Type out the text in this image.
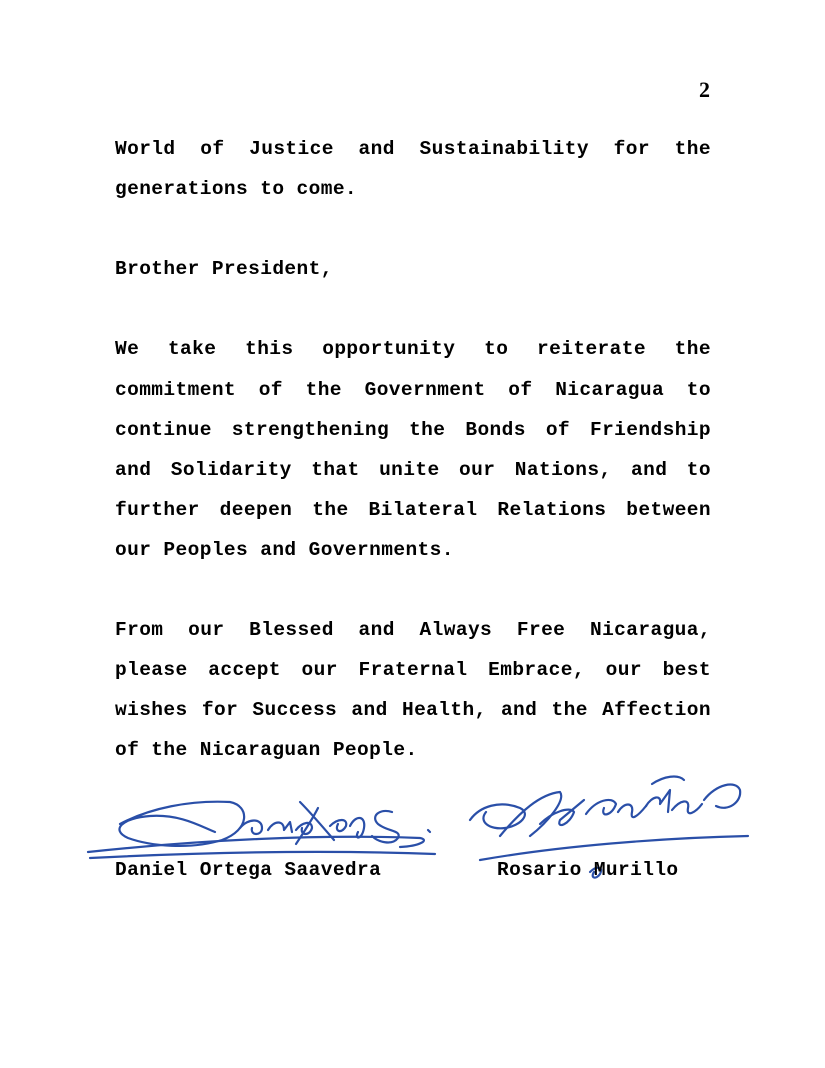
2

World of Justice and Sustainability for the generations to come.

Brother President,

We take this opportunity to reiterate the commitment of the Government of Nicaragua to continue strengthening the Bonds of Friendship and Solidarity that unite our Nations, and to further deepen the Bilateral Relations between our Peoples and Governments.

From our Blessed and Always Free Nicaragua, please accept our Fraternal Embrace, our best wishes for Success and Health, and the Affection of the Nicaraguan People.

Daniel Ortega Saavedra	Rosario Murillo
